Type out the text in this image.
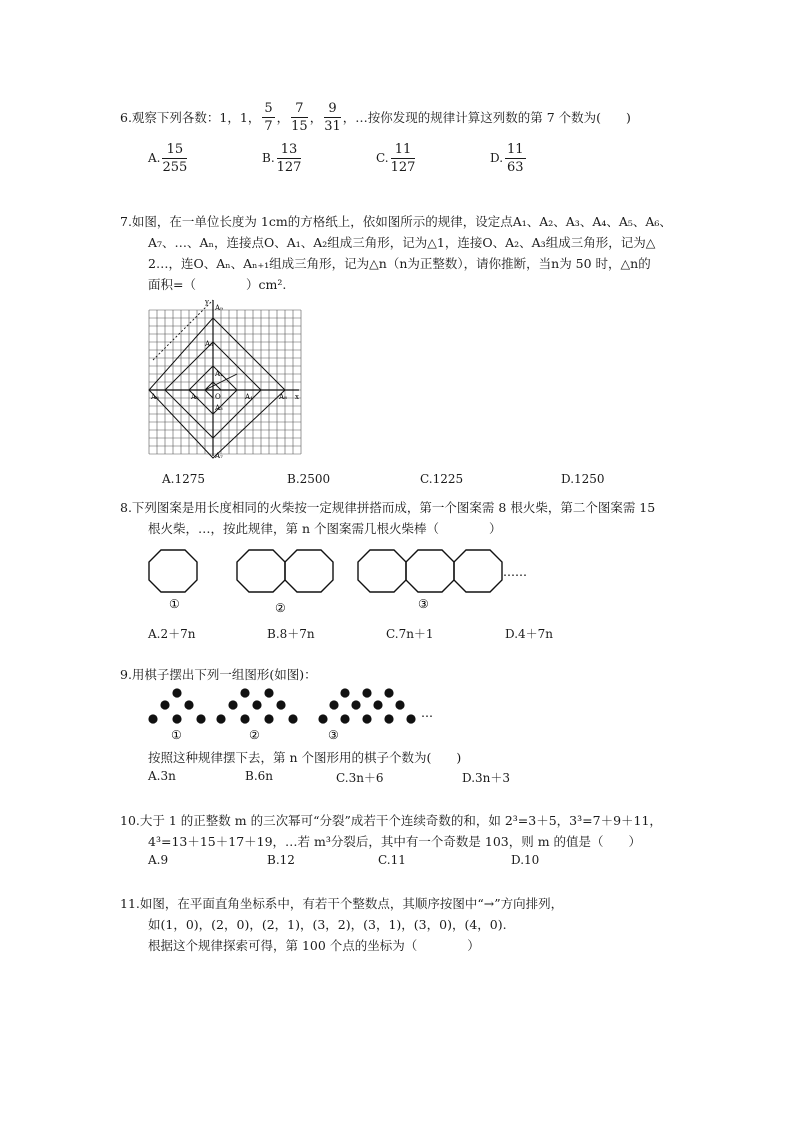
6.观察下列各数：1，1， $\frac{5}{7}$ ， $\frac{7}{15}$ ， $\frac{9}{31}$ ，…按你发现的规律计算这列数的第 7 个数为(　　)
A. $\frac{15}{255}$	B. $\frac{13}{127}$	C. $\frac{11}{127}$	D. $\frac{11}{63}$
7.如图，在一单位长度为 1cm的方格纸上，依如图所示的规律，设定点A₁、A₂、A₃、A₄、A₅、A₆、
A₇、…、Aₙ，连接点O、A₁、A₂组成三角形，记为△1，连接O、A₂、A₃组成三角形，记为△
2…，连O、Aₙ、Aₙ₊₁组成三角形，记为△n（n为正整数），请你推断，当n为 50 时，△n的
面积=（　　　　）cm².
y
x
O
A₁
A₂
A₃
A₄
A₅
A₆
A₇
A₈
A₉
A.1275	B.2500	C.1225	D.1250
8.下列图案是用长度相同的火柴按一定规律拼搭而成，第一个图案需 8 根火柴，第二个图案需 15
根火柴，…，按此规律，第 n 个图案需几根火柴棒（　　　　）
……
①	②	③
A.2＋7n	B.8＋7n	C.7n＋1	D.4＋7n
9.用棋子摆出下列一组图形(如图)：
…
①	②	③
按照这种规律摆下去，第 n 个图形用的棋子个数为(　　)
A.3n	B.6n	C.3n＋6	D.3n＋3
10.大于 1 的正整数 m 的三次幂可“分裂”成若干个连续奇数的和，如 2³=3＋5，3³=7＋9＋11，
4³=13＋15＋17＋19，…若 m³分裂后，其中有一个奇数是 103，则 m 的值是（　　）
A.9	B.12	C.11	D.10
11.如图，在平面直角坐标系中，有若干个整数点，其顺序按图中“→”方向排列，
如(1，0)，(2，0)，(2，1)，(3，2)，(3，1)，(3，0)，(4，0).
根据这个规律探索可得，第 100 个点的坐标为（　　　　）
